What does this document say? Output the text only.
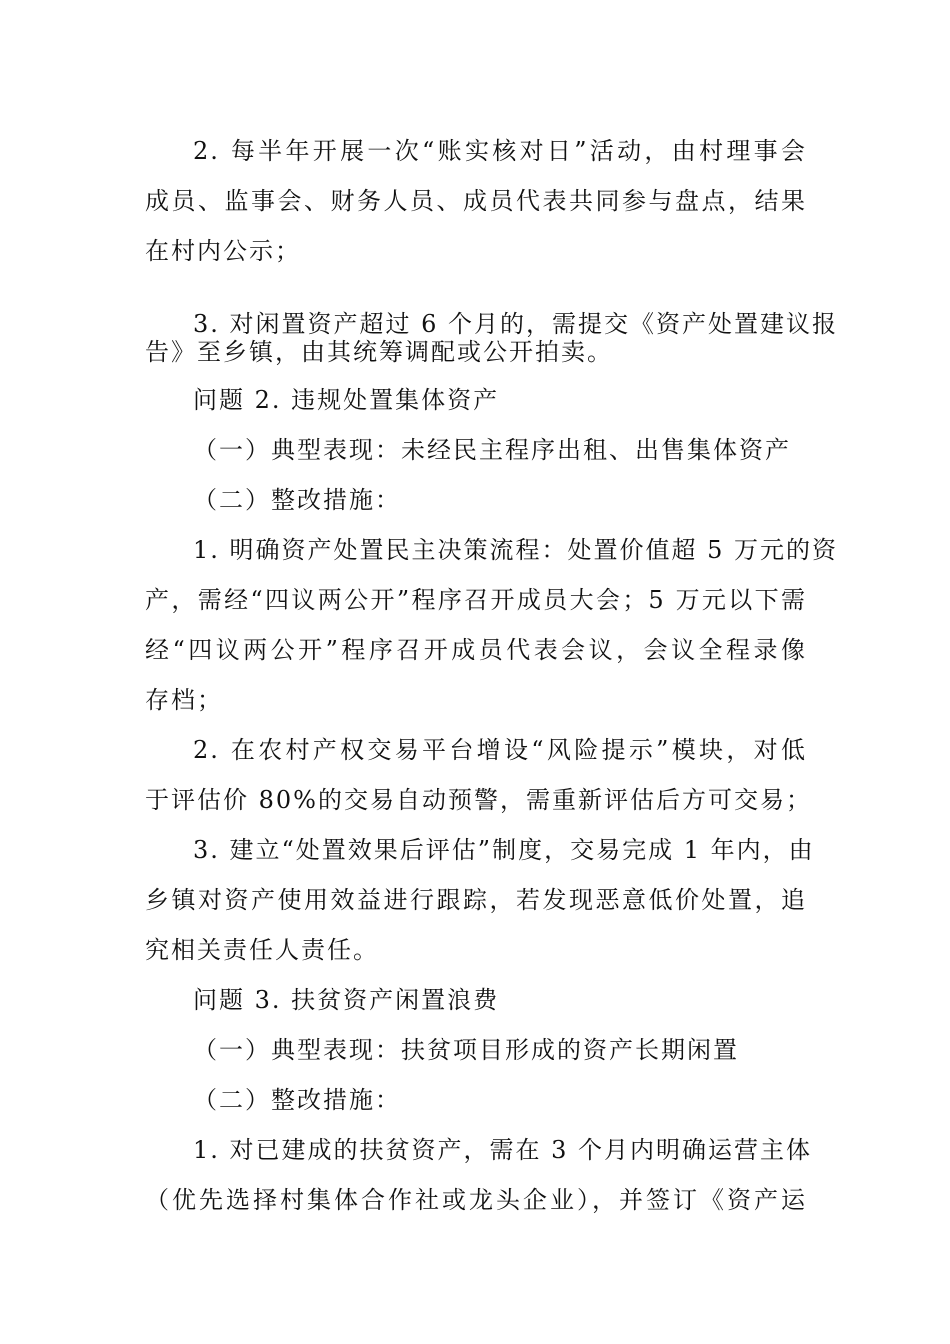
2. 每半年开展一次“账实核对日”活动，由村理事会
成员、监事会、财务人员、成员代表共同参与盘点，结果
在村内公示；
3. 对闲置资产超过 6 个月的，需提交《资产处置建议报
告》至乡镇，由其统筹调配或公开拍卖。
问题 2. 违规处置集体资产
（一）典型表现：未经民主程序出租、出售集体资产
（二）整改措施：
1. 明确资产处置民主决策流程：处置价值超 5 万元的资
产，需经“四议两公开”程序召开成员大会；5 万元以下需
经“四议两公开”程序召开成员代表会议，会议全程录像
存档；
2. 在农村产权交易平台增设“风险提示”模块，对低
于评估价 80%的交易自动预警，需重新评估后方可交易；
3. 建立“处置效果后评估”制度，交易完成 1 年内，由
乡镇对资产使用效益进行跟踪，若发现恶意低价处置，追
究相关责任人责任。
问题 3. 扶贫资产闲置浪费
（一）典型表现：扶贫项目形成的资产长期闲置
（二）整改措施：
1. 对已建成的扶贫资产，需在 3 个月内明确运营主体
（优先选择村集体合作社或龙头企业），并签订《资产运
